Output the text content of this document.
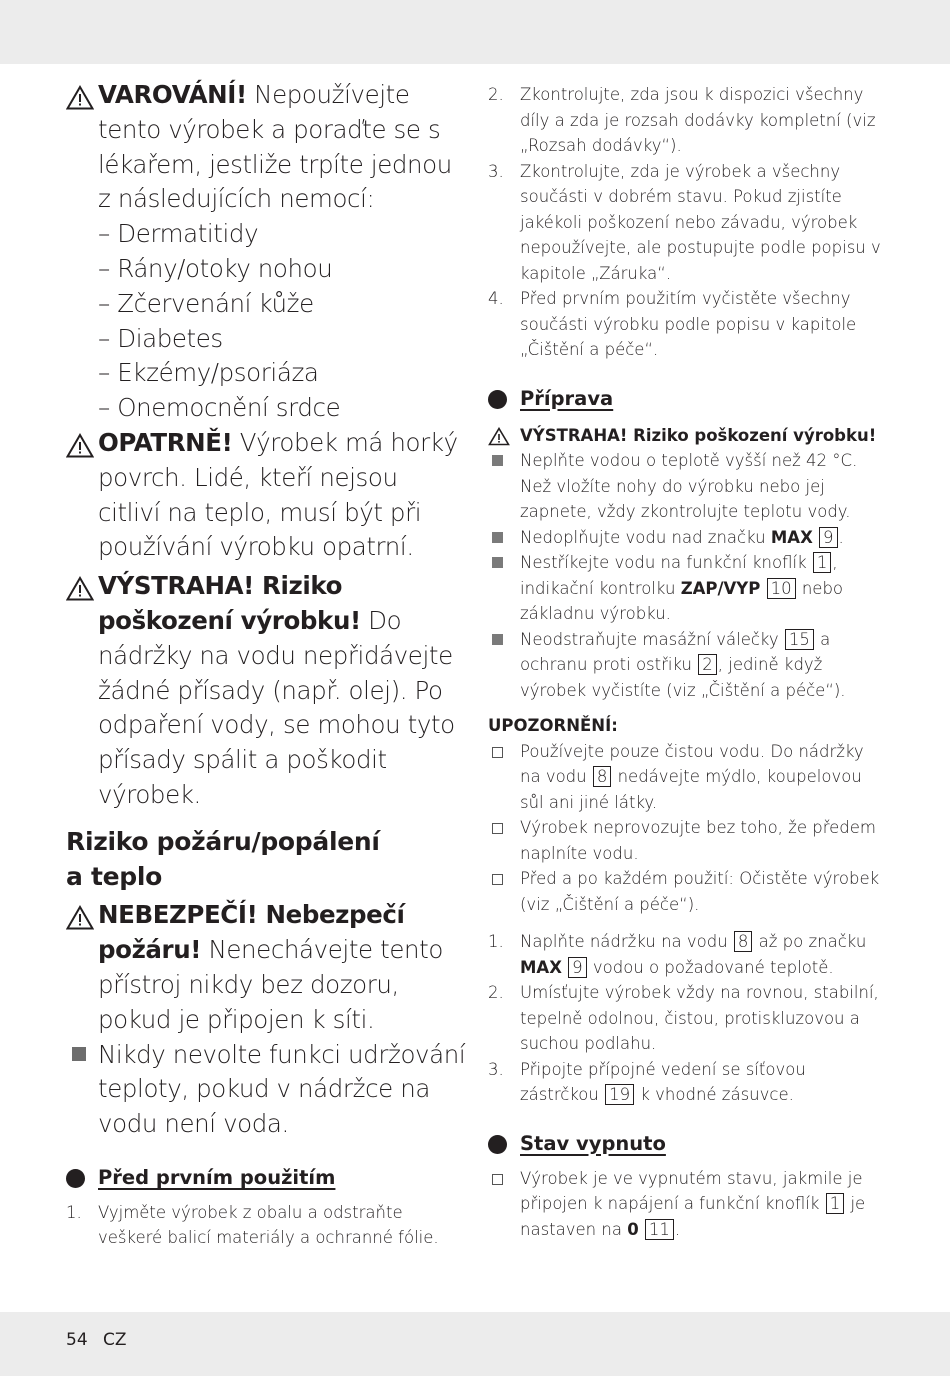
VAROVÁNÍ! Nepoužívejte tento výrobek a poraďte se s lékařem, jestliže trpíte jednou z následujících nemocí:
– Dermatitidy
– Rány/otoky nohou
– Zčervenání kůže
– Diabetes
– Ekzémy/psoriáza
– Onemocnění srdce
OPATRNĚ! Výrobek má horký povrch. Lidé, kteří nejsou citliví na teplo, musí být při používání výrobku opatrní.
VÝSTRAHA! Riziko poškození výrobku! Do nádržky na vodu nepřidávejte žádné přísady (např. olej). Po odpaření vody, se mohou tyto přísady spálit a poškodit výrobek.
Riziko požáru/popálení
a teplo
NEBEZPEČÍ! Nebezpečí požáru! Nenechávejte tento přístroj nikdy bez dozoru, pokud je připojen k síti.
Nikdy nevolte funkci udržování teploty, pokud v nádržce na vodu není voda.
Před prvním použitím
1. Vyjměte výrobek z obalu a odstraňte veškeré balicí materiály a ochranné fólie.
2. Zkontrolujte, zda jsou k dispozici všechny díly a zda je rozsah dodávky kompletní (viz „Rozsah dodávky“).
3. Zkontrolujte, zda je výrobek a všechny součásti v dobrém stavu. Pokud zjistíte jakékoli poškození nebo závadu, výrobek nepoužívejte, ale postupujte podle popisu v kapitole „Záruka“.
4. Před prvním použitím vyčistěte všechny součásti výrobku podle popisu v kapitole „Čištění a péče“.
Příprava
VÝSTRAHA! Riziko poškození výrobku!
Neplňte vodou o teplotě vyšší než 42 °C. Než vložíte nohy do výrobku nebo jej zapnete, vždy zkontrolujte teplotu vody.
Nedoplňujte vodu nad značku MAX 9 .
Nestříkejte vodu na funkční knoflík 1 , indikační kontrolku ZAP/VYP 10 nebo základnu výrobku.
Neodstraňujte masážní válečky 15 a ochranu proti ostřiku 2 , jedině když výrobek vyčistíte (viz „Čištění a péče“).
UPOZORNĚNÍ:
Používejte pouze čistou vodu. Do nádržky na vodu 8 nedávejte mýdlo, koupelovou sůl ani jiné látky.
Výrobek neprovozujte bez toho, že předem naplníte vodu.
Před a po každém použití: Očistěte výrobek (viz „Čištění a péče“).
1. Naplňte nádržku na vodu 8 až po značku MAX 9 vodou o požadované teplotě.
2. Umísťujte výrobek vždy na rovnou, stabilní, tepelně odolnou, čistou, protiskluzovou a suchou podlahu.
3. Připojte přípojné vedení se síťovou zástrčkou 19 k vhodné zásuvce.
Stav vypnuto
Výrobek je ve vypnutém stavu, jakmile je připojen k napájení a funkční knoflík 1 je nastaven na 0 11 .
54 CZ
